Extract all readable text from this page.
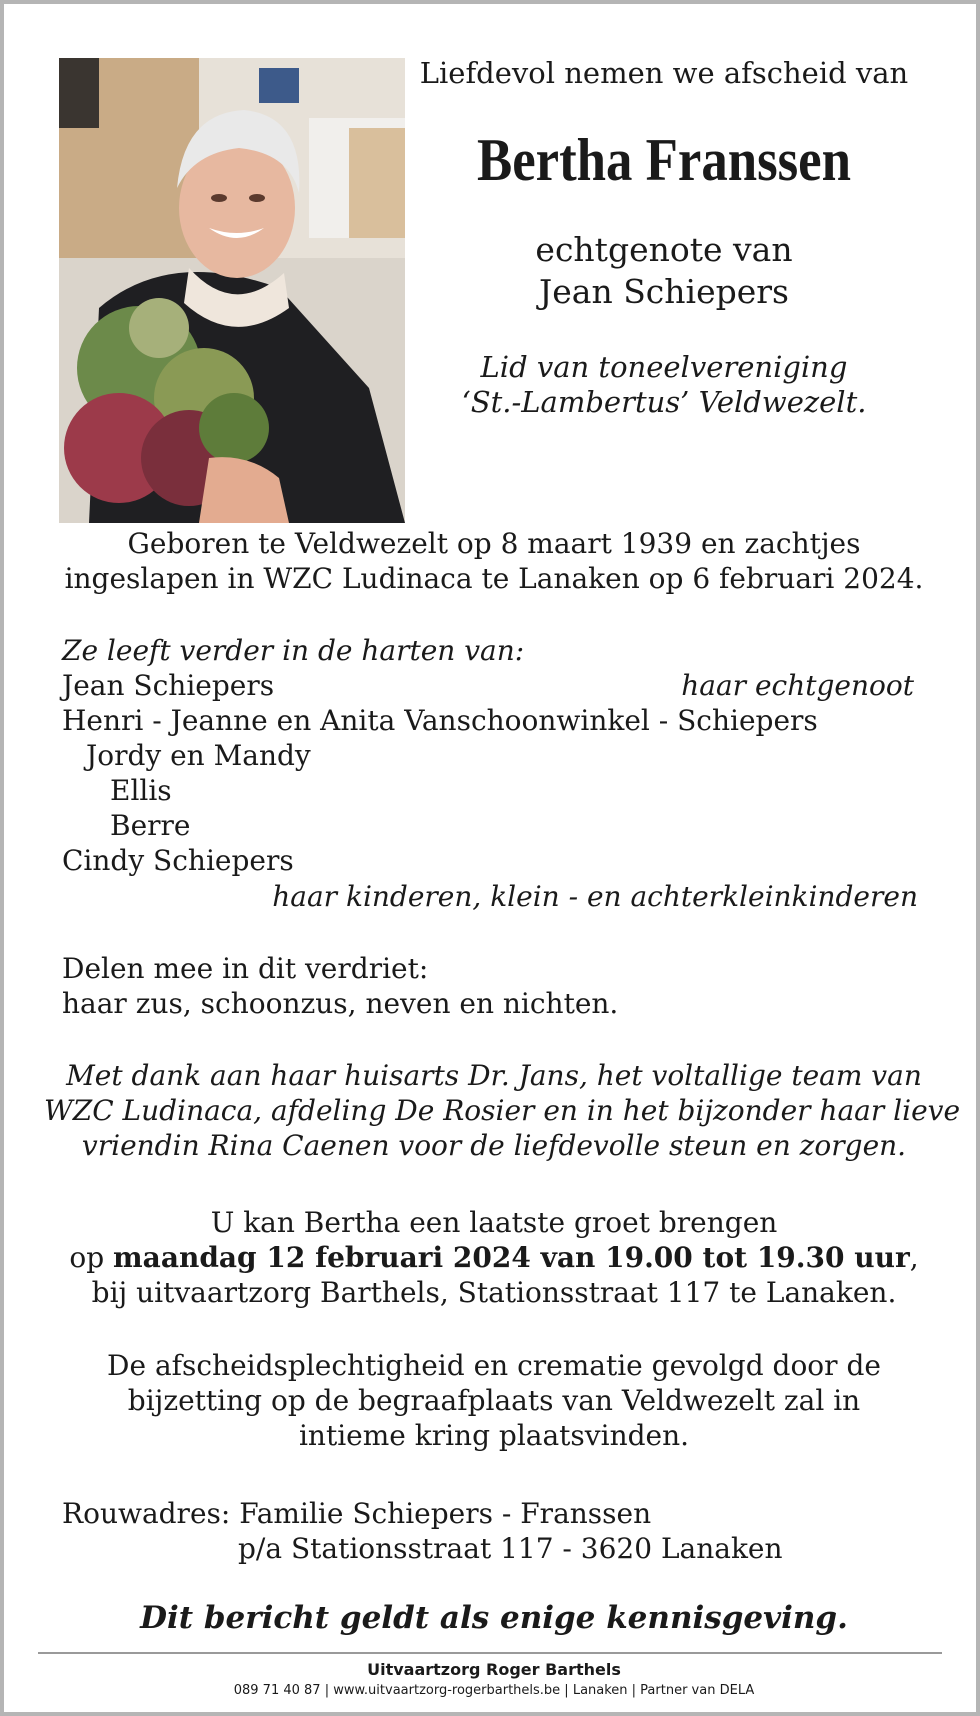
Liefdevol nemen we afscheid van

Bertha Franssen

echtgenote van

Jean Schiepers

Lid van toneelvereniging

‘St.-Lambertus’ Veldwezelt.

Geboren te Veldwezelt op 8 maart 1939 en zachtjes

ingeslapen in WZC Ludinaca te Lanaken op 6 februari 2024.

Ze leeft verder in de harten van:

Jean Schiepers	haar echtgenoot

Henri - Jeanne en Anita Vanschoonwinkel - Schiepers

Jordy en Mandy

Ellis

Berre

Cindy Schiepers

haar kinderen, klein - en achterkleinkinderen

Delen mee in dit verdriet:

haar zus, schoonzus, neven en nichten.

Met dank aan haar huisarts Dr. Jans, het voltallige team van

WZC Ludinaca, afdeling De Rosier en in het bijzonder haar lieve

vriendin Rina Caenen voor de liefdevolle steun en zorgen.

U kan Bertha een laatste groet brengen

op maandag 12 februari 2024 van 19.00 tot 19.30 uur,

bij uitvaartzorg Barthels, Stationsstraat 117 te Lanaken.

De afscheidsplechtigheid en crematie gevolgd door de

bijzetting op de begraafplaats van Veldwezelt zal in

intieme kring plaatsvinden.

Rouwadres: Familie Schiepers - Franssen

p/a Stationsstraat 117 - 3620 Lanaken

Dit bericht geldt als enige kennisgeving.

Uitvaartzorg Roger Barthels

089 71 40 87 | www.uitvaartzorg-rogerbarthels.be | Lanaken | Partner van DELA
